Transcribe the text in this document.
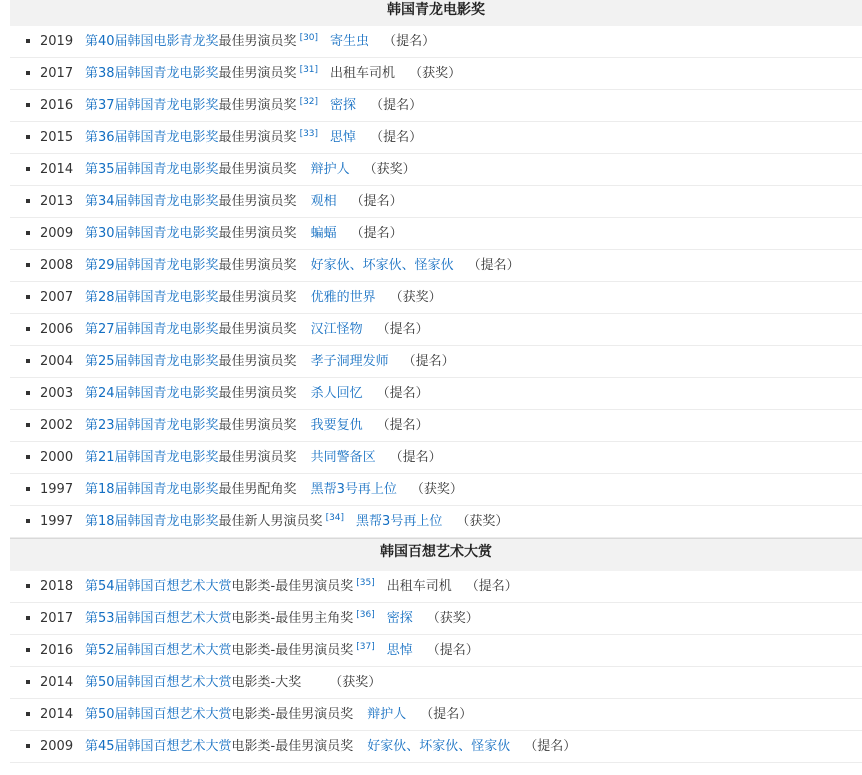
韩国青龙电影奖
2019 第40届韩国电影青龙奖最佳男演员奖 [30] 寄生虫 （提名）
2017 第38届韩国青龙电影奖最佳男演员奖 [31] 出租车司机 （获奖）
2016 第37届韩国青龙电影奖最佳男演员奖 [32] 密探 （提名）
2015 第36届韩国青龙电影奖最佳男演员奖 [33] 思悼 （提名）
2014 第35届韩国青龙电影奖最佳男演员奖 辩护人 （获奖）
2013 第34届韩国青龙电影奖最佳男演员奖 观相 （提名）
2009 第30届韩国青龙电影奖最佳男演员奖 蝙蝠 （提名）
2008 第29届韩国青龙电影奖最佳男演员奖 好家伙、坏家伙、怪家伙 （提名）
2007 第28届韩国青龙电影奖最佳男演员奖 优雅的世界 （获奖）
2006 第27届韩国青龙电影奖最佳男演员奖 汉江怪物 （提名）
2004 第25届韩国青龙电影奖最佳男演员奖 孝子洞理发师 （提名）
2003 第24届韩国青龙电影奖最佳男演员奖 杀人回忆 （提名）
2002 第23届韩国青龙电影奖最佳男演员奖 我要复仇 （提名）
2000 第21届韩国青龙电影奖最佳男演员奖 共同警备区 （提名）
1997 第18届韩国青龙电影奖最佳男配角奖 黑帮3号再上位 （获奖）
1997 第18届韩国青龙电影奖最佳新人男演员奖 [34] 黑帮3号再上位 （获奖）
韩国百想艺术大赏
2018 第54届韩国百想艺术大赏电影类-最佳男演员奖 [35] 出租车司机 （提名）
2017 第53届韩国百想艺术大赏电影类-最佳男主角奖 [36] 密探 （获奖）
2016 第52届韩国百想艺术大赏电影类-最佳男演员奖 [37] 思悼 （提名）
2014 第50届韩国百想艺术大赏电影类-大奖 （获奖）
2014 第50届韩国百想艺术大赏电影类-最佳男演员奖 辩护人 （提名）
2009 第45届韩国百想艺术大赏电影类-最佳男演员奖 好家伙、坏家伙、怪家伙 （提名）
